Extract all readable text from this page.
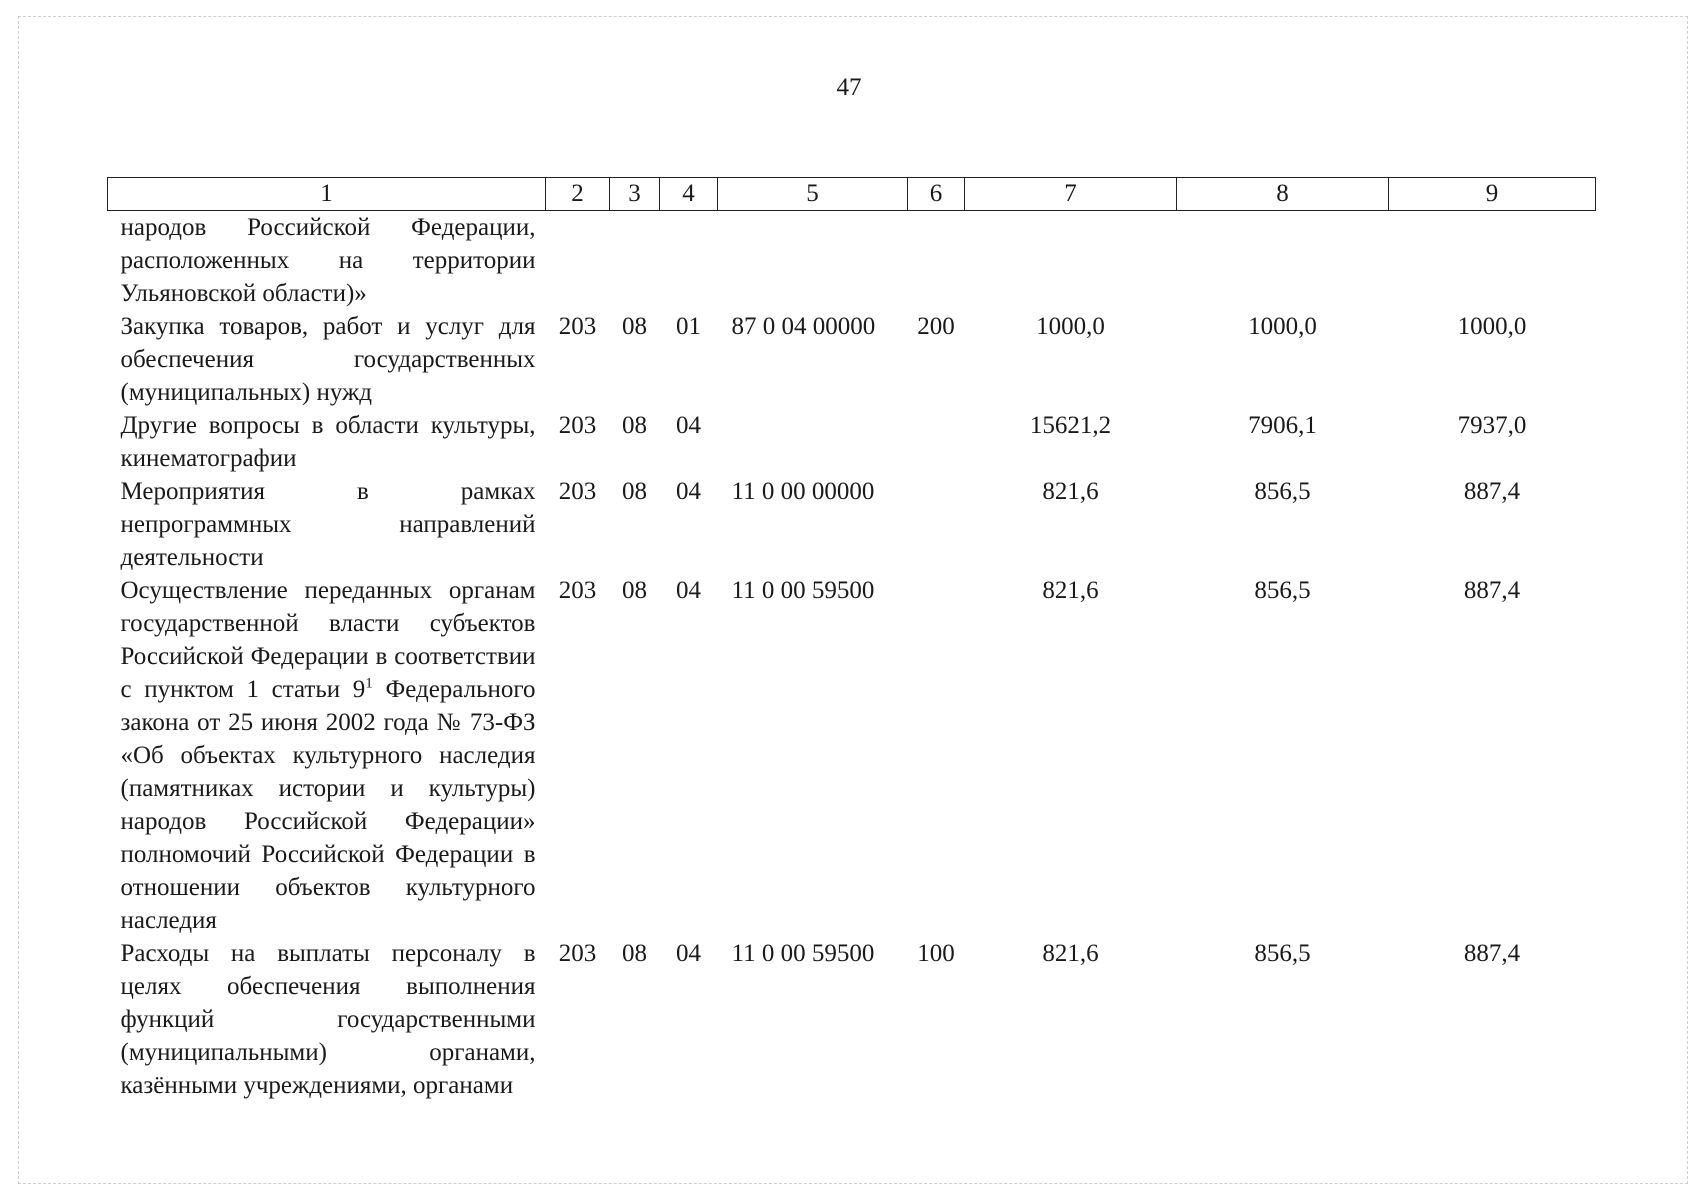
47
1	2	3	4	5	6	7	8	9
народов Российской Федерации, расположенных на территории Ульяновской области)»								
Закупка товаров, работ и услуг для обеспечения государственных (муниципальных) нужд	203	08	01	87 0 04 00000	200	1000,0	1000,0	1000,0
Другие вопросы в области культуры, кинематографии	203	08	04			15621,2	7906,1	7937,0
Мероприятия в рамках непрограммных направлений деятельности	203	08	04	11 0 00 00000		821,6	856,5	887,4
Осуществление переданных органам государственной власти субъектов Российской Федерации в соответствии с пунктом 1 статьи $9^1$ Федерального закона от 25 июня 2002 года № 73-ФЗ «Об объектах культурного наследия (памятниках истории и культуры) народов Российской Федерации» полномочий Российской Федерации в отношении объектов культурного наследия	203	08	04	11 0 00 59500		821,6	856,5	887,4
Расходы на выплаты персоналу в целях обеспечения выполнения функций государственными (муниципальными) органами, казёнными учреждениями, органами	203	08	04	11 0 00 59500	100	821,6	856,5	887,4
